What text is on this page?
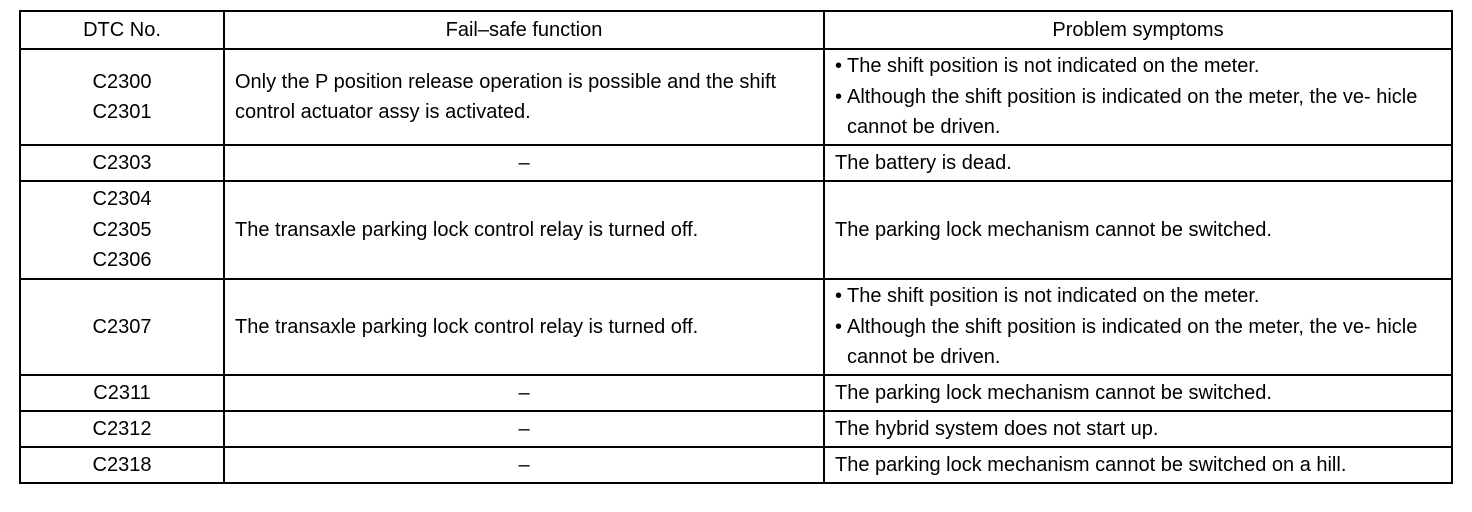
DTC No.	Fail–safe function	Problem symptoms

C2300
C2301	Only the P position release operation is possible and the shift control actuator assy is activated.	• The shift position is not indicated on the meter.
• Although the shift position is indicated on the meter, the ve- hicle cannot be driven.

C2303	–	The battery is dead.

C2304
C2305
C2306	The transaxle parking lock control relay is turned off.	The parking lock mechanism cannot be switched.

C2307	The transaxle parking lock control relay is turned off.	• The shift position is not indicated on the meter.
• Although the shift position is indicated on the meter, the ve- hicle cannot be driven.

C2311	–	The parking lock mechanism cannot be switched.

C2312	–	The hybrid system does not start up.

C2318	–	The parking lock mechanism cannot be switched on a hill.
